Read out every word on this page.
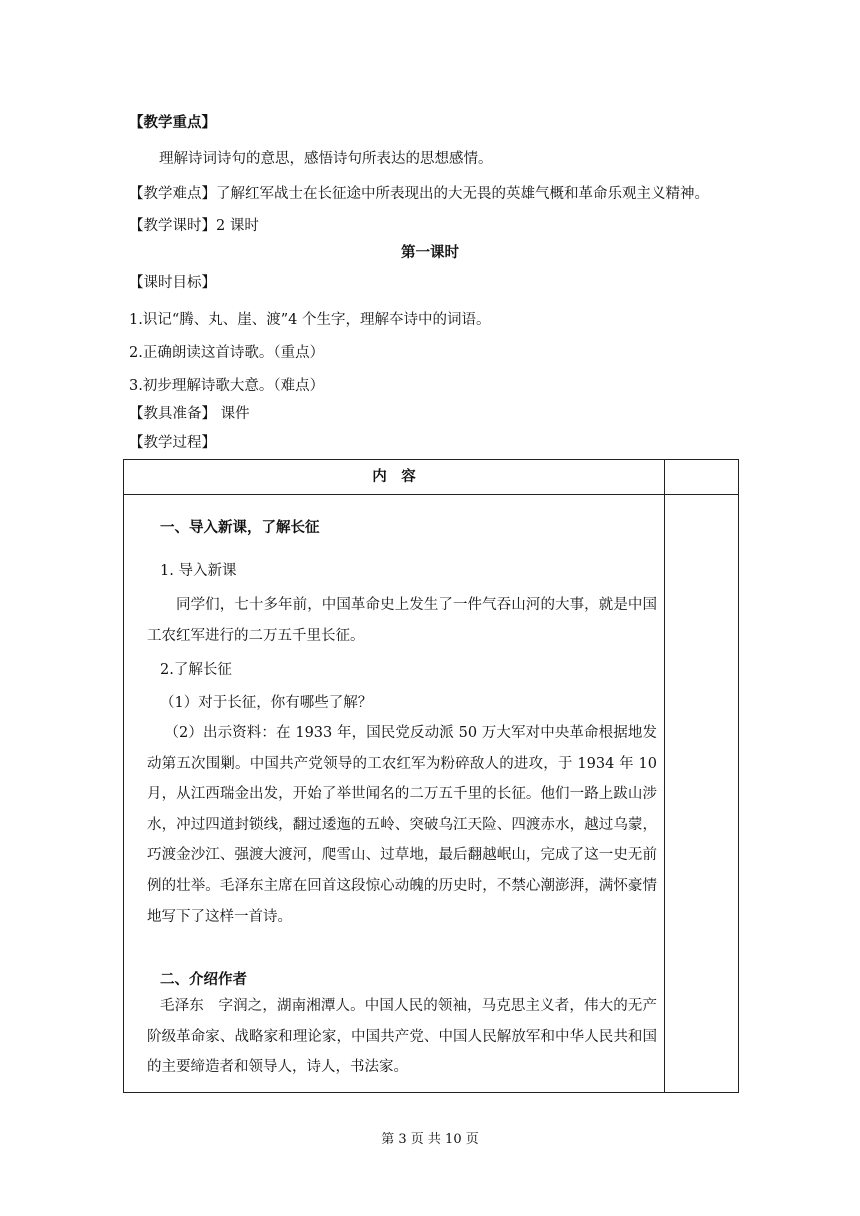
【教学重点】
理解诗词诗句的意思，感悟诗句所表达的思想感情。
【教学难点】了解红军战士在长征途中所表现出的大无畏的英雄气概和革命乐观主义精神。
【教学课时】2 课时
第一课时
【课时目标】
1.识记“腾、丸、崖、渡”4 个生字，理解夲诗中的词语。
2.正确朗读这首诗歌。（重点）
3.初步理解诗歌大意。（难点）
【教具准备】 课件
【教学过程】
内　容
一、导入新课，了解长征
1. 导入新课
同学们，七十多年前，中国革命史上发生了一件气吞山河的大事，就是中国工农红军进行的二万五千里长征。
2.了解长征
（1）对于长征，你有哪些了解？
（2）出示资料：在 1933 年，国民党反动派 50 万大军对中央革命根据地发动第五次围剿。中国共产党领导的工农红军为粉碎敌人的进攻，于 1934 年 10 月，从江西瑞金出发，开始了举世闻名的二万五千里的长征。他们一路上跋山涉水，冲过四道封锁线，翻过逶迤的五岭、突破乌江天险、四渡赤水，越过乌蒙，巧渡金沙江、强渡大渡河，爬雪山、过草地，最后翻越岷山，完成了这一史无前例的壮举。毛泽东主席在回首这段惊心动魄的历史时，不禁心潮澎湃，满怀豪情地写下了这样一首诗。
二、介绍作者
毛泽东　字润之，湖南湘潭人。中国人民的领袖，马克思主义者，伟大的无产阶级革命家、战略家和理论家，中国共产党、中国人民解放军和中华人民共和国的主要缔造者和领导人，诗人，书法家。
第 3 页 共 10 页
